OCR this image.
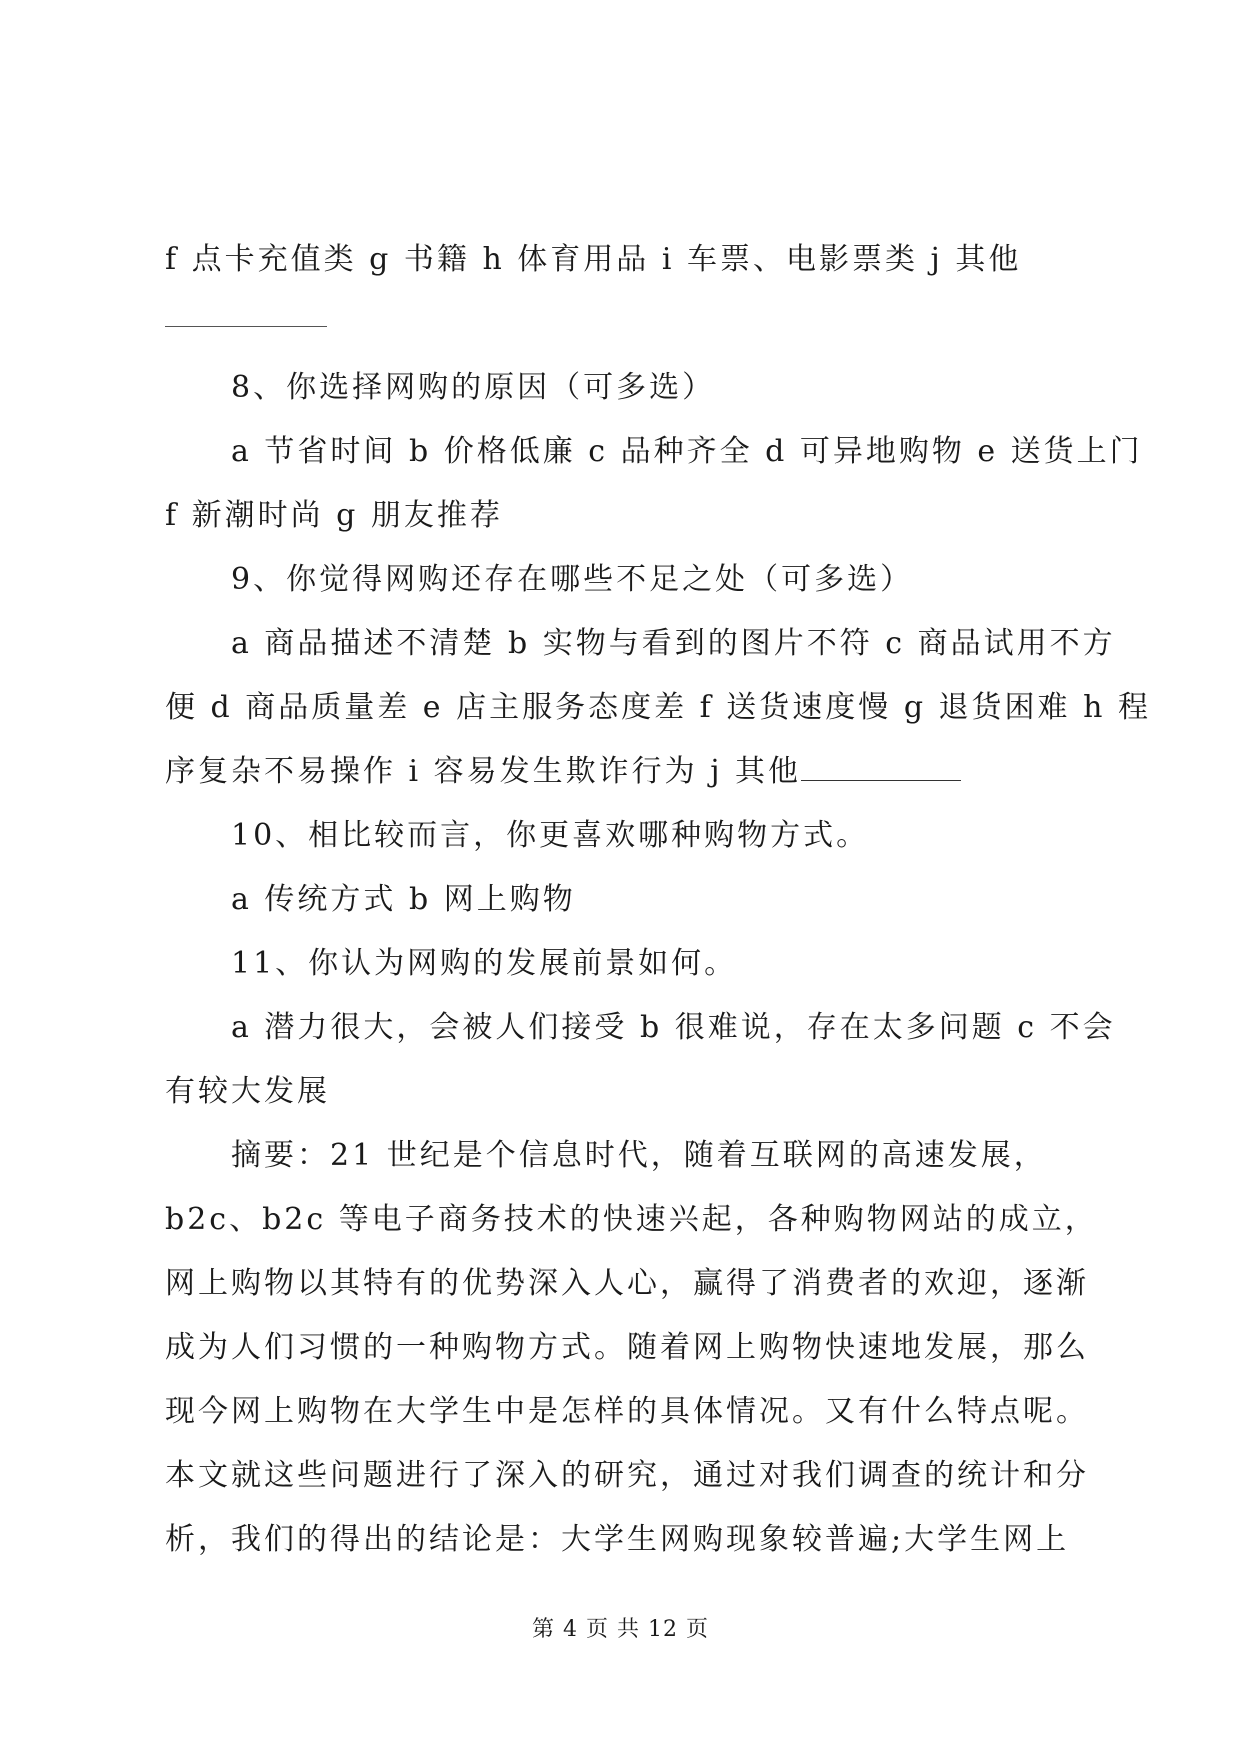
f 点卡充值类 g 书籍 h 体育用品 i 车票、电影票类 j 其他
8、你选择网购的原因（可多选）
a 节省时间 b 价格低廉 c 品种齐全 d 可异地购物 e 送货上门
f 新潮时尚 g 朋友推荐
9、你觉得网购还存在哪些不足之处（可多选）
a 商品描述不清楚 b 实物与看到的图片不符 c 商品试用不方
便 d 商品质量差 e 店主服务态度差 f 送货速度慢 g 退货困难 h 程
序复杂不易操作 i 容易发生欺诈行为 j 其他
10、相比较而言，你更喜欢哪种购物方式。
a 传统方式 b 网上购物
11、你认为网购的发展前景如何。
a 潜力很大，会被人们接受 b 很难说，存在太多问题 c 不会
有较大发展
摘要：21 世纪是个信息时代，随着互联网的高速发展，
b2c、b2c 等电子商务技术的快速兴起，各种购物网站的成立，
网上购物以其特有的优势深入人心，赢得了消费者的欢迎，逐渐
成为人们习惯的一种购物方式。随着网上购物快速地发展，那么
现今网上购物在大学生中是怎样的具体情况。又有什么特点呢。
本文就这些问题进行了深入的研究，通过对我们调查的统计和分
析，我们的得出的结论是：大学生网购现象较普遍;大学生网上
第 4 页 共 12 页
